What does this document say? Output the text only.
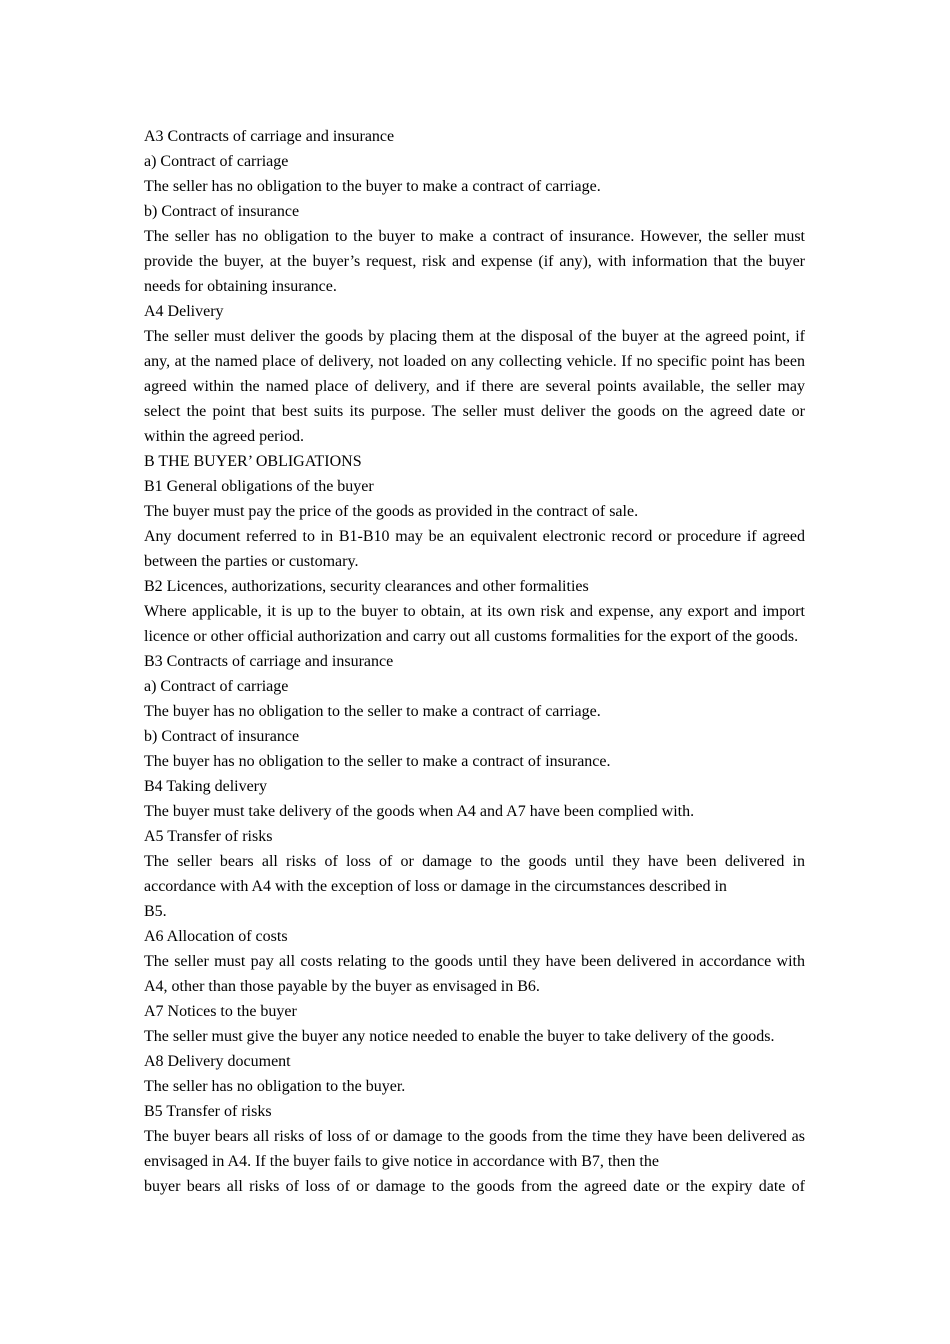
A3 Contracts of carriage and insurance

a) Contract of carriage

The seller has no obligation to the buyer to make a contract of carriage.

b) Contract of insurance

The seller has no obligation to the buyer to make a contract of insurance. However, the seller must provide the buyer, at the buyer’s request, risk and expense (if any), with information that the buyer needs for obtaining insurance.

A4 Delivery

The seller must deliver the goods by placing them at the disposal of the buyer at the agreed point, if any, at the named place of delivery, not loaded on any collecting vehicle. If no specific point has been agreed within the named place of delivery, and if there are several points available, the seller may select the point that best suits its purpose. The seller must deliver the goods on the agreed date or within the agreed period.

B THE BUYER’ OBLIGATIONS

B1 General obligations of the buyer

The buyer must pay the price of the goods as provided in the contract of sale.

Any document referred to in B1-B10 may be an equivalent electronic record or procedure if agreed between the parties or customary.

B2 Licences, authorizations, security clearances and other formalities

Where applicable, it is up to the buyer to obtain, at its own risk and expense, any export and import licence or other official authorization and carry out all customs formalities for the export of the goods.

B3 Contracts of carriage and insurance

a) Contract of carriage

The buyer has no obligation to the seller to make a contract of carriage.

b) Contract of insurance

The buyer has no obligation to the seller to make a contract of insurance.

B4 Taking delivery

The buyer must take delivery of the goods when A4 and A7 have been complied with.

A5 Transfer of risks

The seller bears all risks of loss of or damage to the goods until they have been delivered in accordance with A4 with the exception of loss or damage in the circumstances described in

B5.

A6 Allocation of costs

The seller must pay all costs relating to the goods until they have been delivered in accordance with A4, other than those payable by the buyer as envisaged in B6.

A7 Notices to the buyer

The seller must give the buyer any notice needed to enable the buyer to take delivery of the goods.

A8 Delivery document

The seller has no obligation to the buyer.

B5 Transfer of risks

The buyer bears all risks of loss of or damage to the goods from the time they have been delivered as envisaged in A4. If the buyer fails to give notice in accordance with B7, then the

buyer bears all risks of loss of or damage to the goods from the agreed date or the expiry date of
